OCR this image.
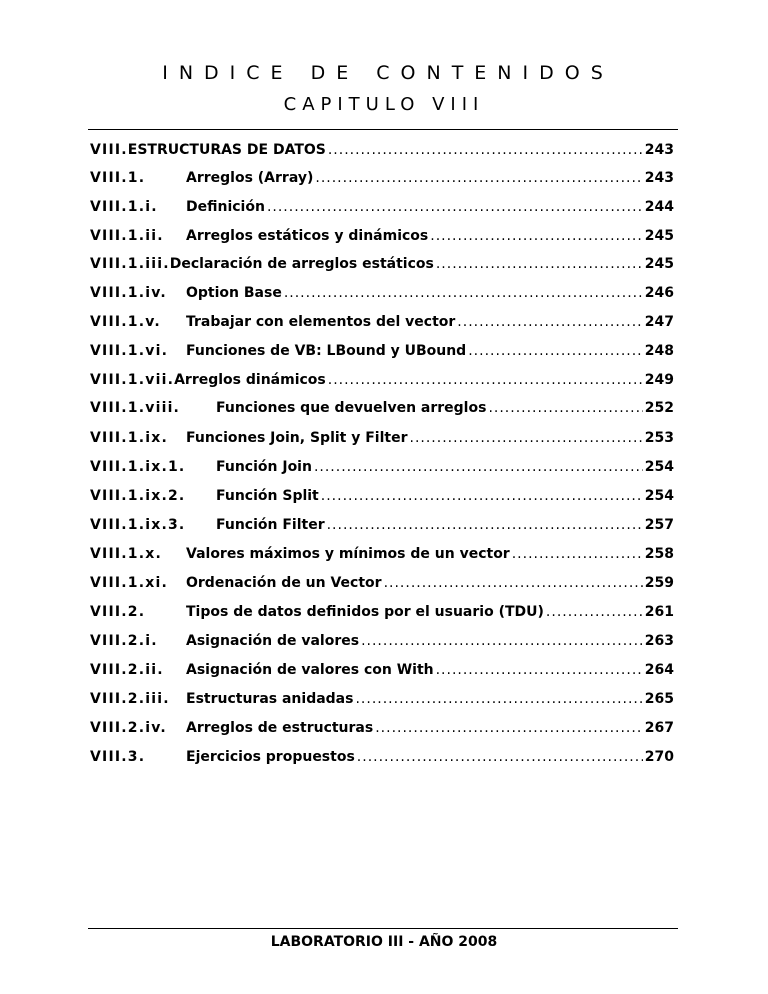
INDICE DE CONTENIDOS
CAPITULO VIII
VIII. ESTRUCTURAS DE DATOS .....	243
VIII.1.	Arreglos (Array) .....	243
VIII.1.i.	Definición .....	244
VIII.1.ii.	Arreglos estáticos y dinámicos .....	245
VIII.1.iii. Declaración de arreglos estáticos .....	245
VIII.1.iv.	Option Base .....	246
VIII.1.v.	Trabajar con elementos del vector .....	247
VIII.1.vi.	Funciones de VB: LBound y UBound .....	248
VIII.1.vii. Arreglos dinámicos .....	249
VIII.1.viii.	Funciones que devuelven arreglos .....	252
VIII.1.ix.	Funciones Join, Split y Filter .....	253
VIII.1.ix.1.	Función Join .....	254
VIII.1.ix.2.	Función Split .....	254
VIII.1.ix.3.	Función Filter .....	257
VIII.1.x.	Valores máximos y mínimos de un vector .....	258
VIII.1.xi.	Ordenación de un Vector .....	259
VIII.2.	Tipos de datos definidos por el usuario (TDU) .....	261
VIII.2.i.	Asignación de valores .....	263
VIII.2.ii.	Asignación de valores con With .....	264
VIII.2.iii.	Estructuras anidadas .....	265
VIII.2.iv.	Arreglos de estructuras .....	267
VIII.3.	Ejercicios propuestos .....	270
LABORATORIO III - AÑO 2008
